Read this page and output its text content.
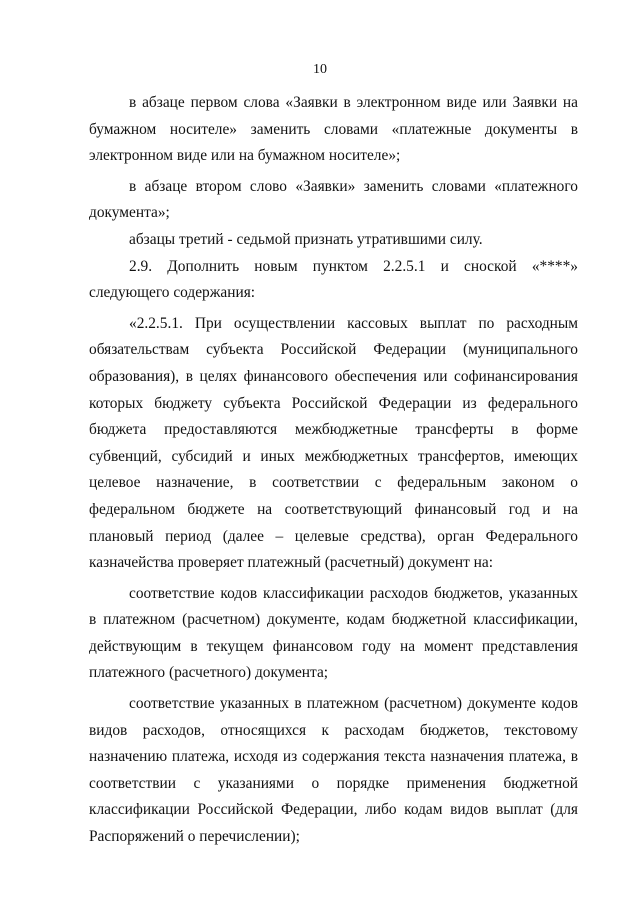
10

в абзаце первом слова «Заявки в электронном виде или Заявки на бумажном носителе» заменить словами «платежные документы в электронном виде или на бумажном носителе»;

в абзаце втором слово «Заявки» заменить словами «платежного документа»;

абзацы третий - седьмой признать утратившими силу.

2.9. Дополнить новым пунктом 2.2.5.1 и сноской «****» следующего содержания:

«2.2.5.1. При осуществлении кассовых выплат по расходным обязательствам субъекта Российской Федерации (муниципального образования), в целях финансового обеспечения или софинансирования которых бюджету субъекта Российской Федерации из федерального бюджета предоставляются межбюджетные трансферты в форме субвенций, субсидий и иных межбюджетных трансфертов, имеющих целевое назначение, в соответствии с федеральным законом о федеральном бюджете на соответствующий финансовый год и на плановый период (далее – целевые средства), орган Федерального казначейства проверяет платежный (расчетный) документ на:

соответствие кодов классификации расходов бюджетов, указанных в платежном (расчетном) документе, кодам бюджетной классификации, действующим в текущем финансовом году на момент представления платежного (расчетного) документа;

соответствие указанных в платежном (расчетном) документе кодов видов расходов, относящихся к расходам бюджетов, текстовому назначению платежа, исходя из содержания текста назначения платежа, в соответствии с указаниями о порядке применения бюджетной классификации Российской Федерации, либо кодам видов выплат (для Распоряжений о перечислении);
